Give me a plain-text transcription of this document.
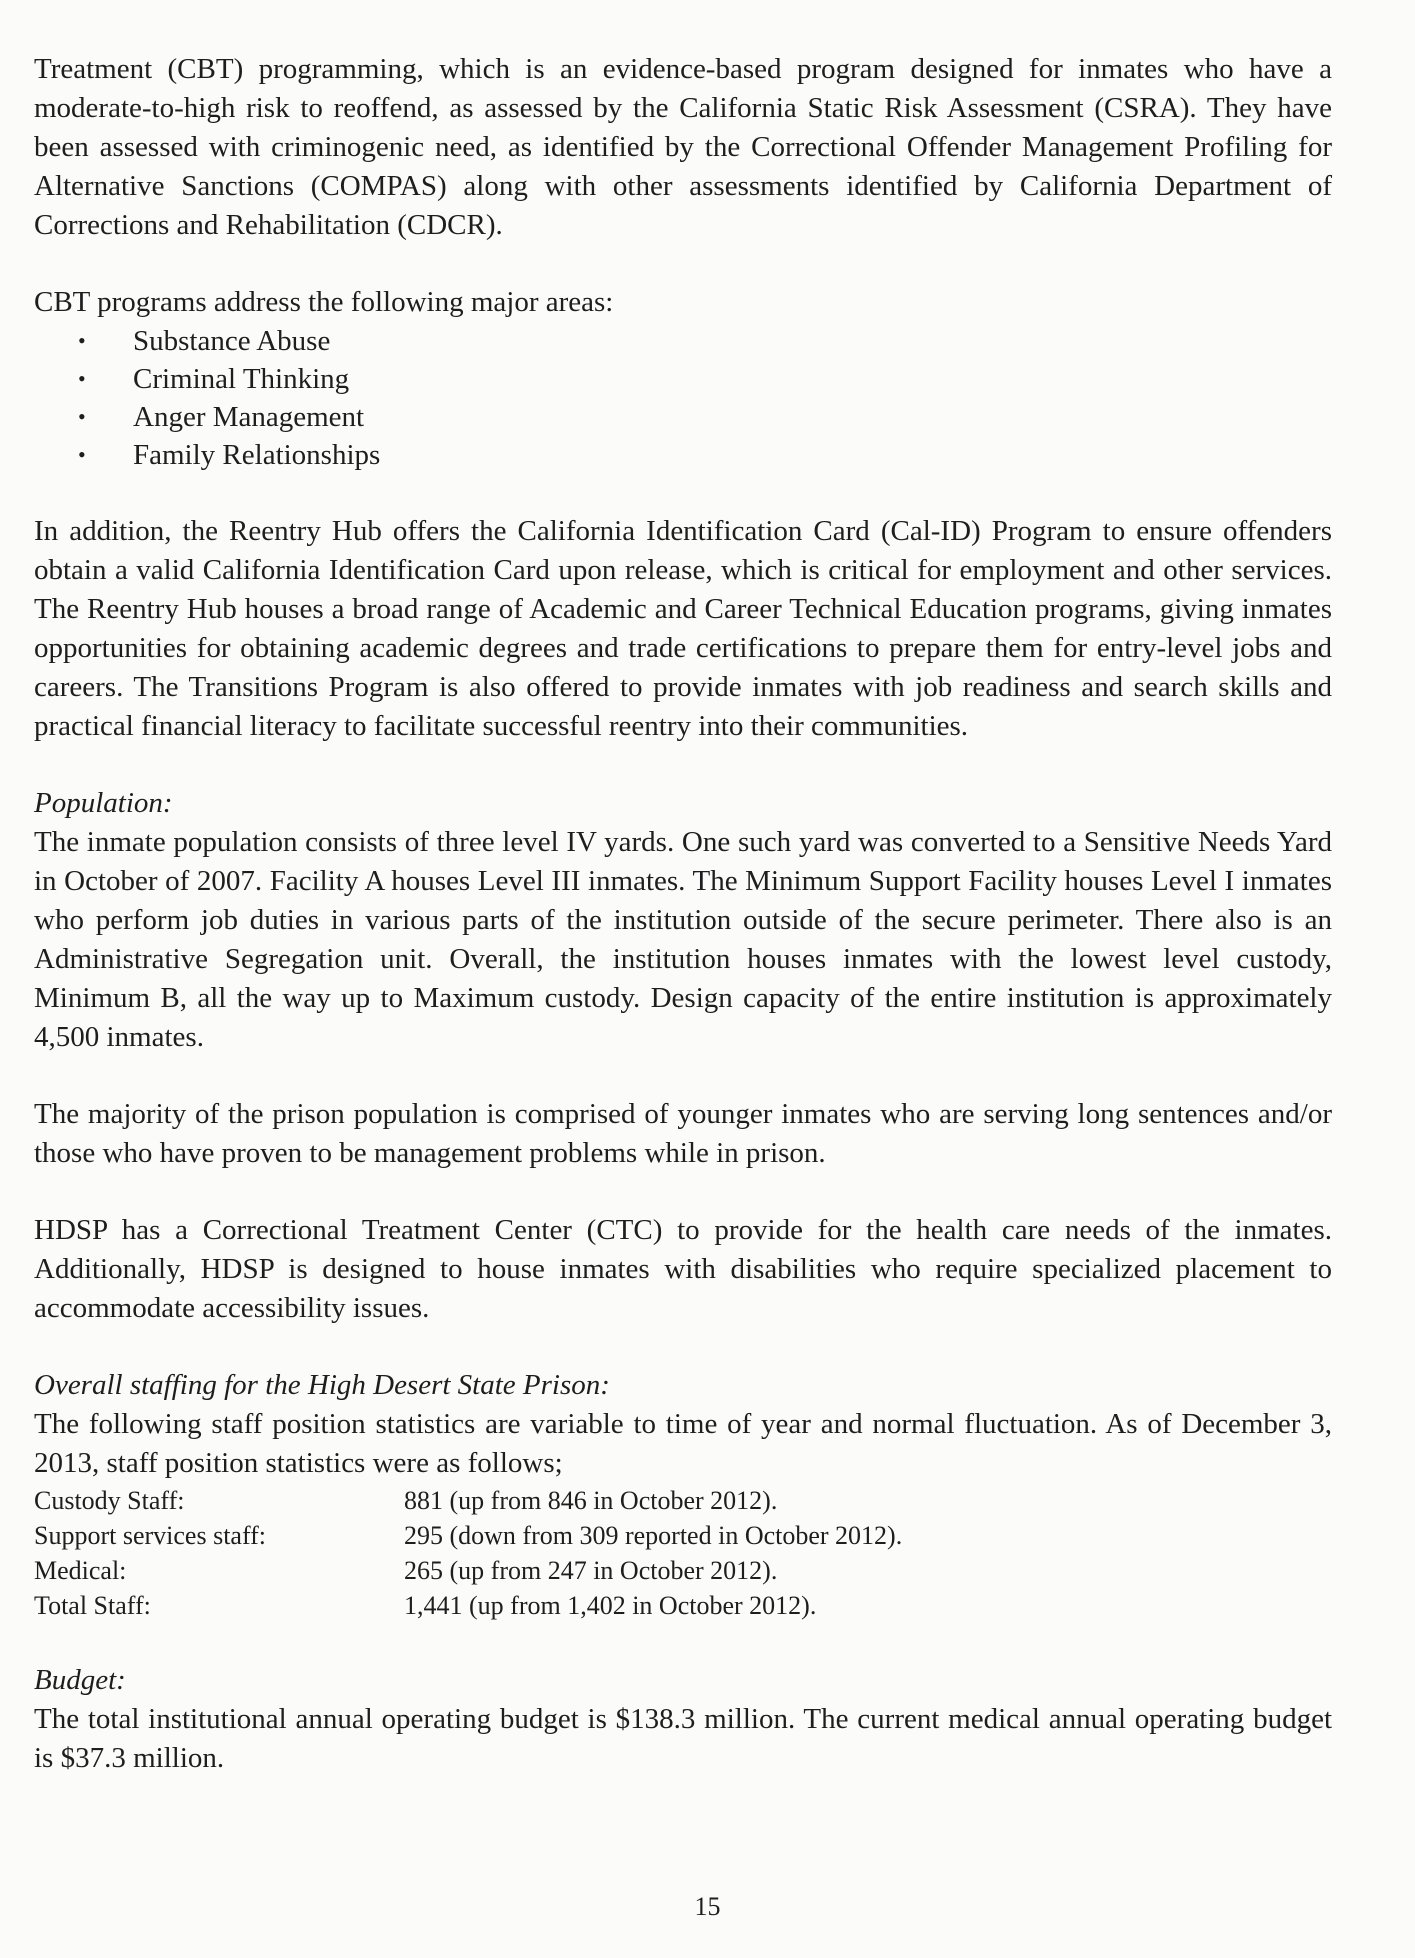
Treatment (CBT) programming, which is an evidence-based program designed for inmates who have a moderate-to-high risk to reoffend, as assessed by the California Static Risk Assessment (CSRA). They have been assessed with criminogenic need, as identified by the Correctional Offender Management Profiling for Alternative Sanctions (COMPAS) along with other assessments identified by California Department of Corrections and Rehabilitation (CDCR).

CBT programs address the following major areas:

• Substance Abuse
• Criminal Thinking
• Anger Management
• Family Relationships

In addition, the Reentry Hub offers the California Identification Card (Cal-ID) Program to ensure offenders obtain a valid California Identification Card upon release, which is critical for employment and other services. The Reentry Hub houses a broad range of Academic and Career Technical Education programs, giving inmates opportunities for obtaining academic degrees and trade certifications to prepare them for entry-level jobs and careers. The Transitions Program is also offered to provide inmates with job readiness and search skills and practical financial literacy to facilitate successful reentry into their communities.

Population:

The inmate population consists of three level IV yards. One such yard was converted to a Sensitive Needs Yard in October of 2007. Facility A houses Level III inmates. The Minimum Support Facility houses Level I inmates who perform job duties in various parts of the institution outside of the secure perimeter. There also is an Administrative Segregation unit. Overall, the institution houses inmates with the lowest level custody, Minimum B, all the way up to Maximum custody. Design capacity of the entire institution is approximately 4,500 inmates.

The majority of the prison population is comprised of younger inmates who are serving long sentences and/or those who have proven to be management problems while in prison.

HDSP has a Correctional Treatment Center (CTC) to provide for the health care needs of the inmates. Additionally, HDSP is designed to house inmates with disabilities who require specialized placement to accommodate accessibility issues.

Overall staffing for the High Desert State Prison:

The following staff position statistics are variable to time of year and normal fluctuation. As of December 3, 2013, staff position statistics were as follows;

Custody Staff:	881 (up from 846 in October 2012).
Support services staff:	295 (down from 309 reported in October 2012).
Medical:	265 (up from 247 in October 2012).
Total Staff:	1,441 (up from 1,402 in October 2012).

Budget:

The total institutional annual operating budget is $138.3 million. The current medical annual operating budget is $37.3 million.

15
